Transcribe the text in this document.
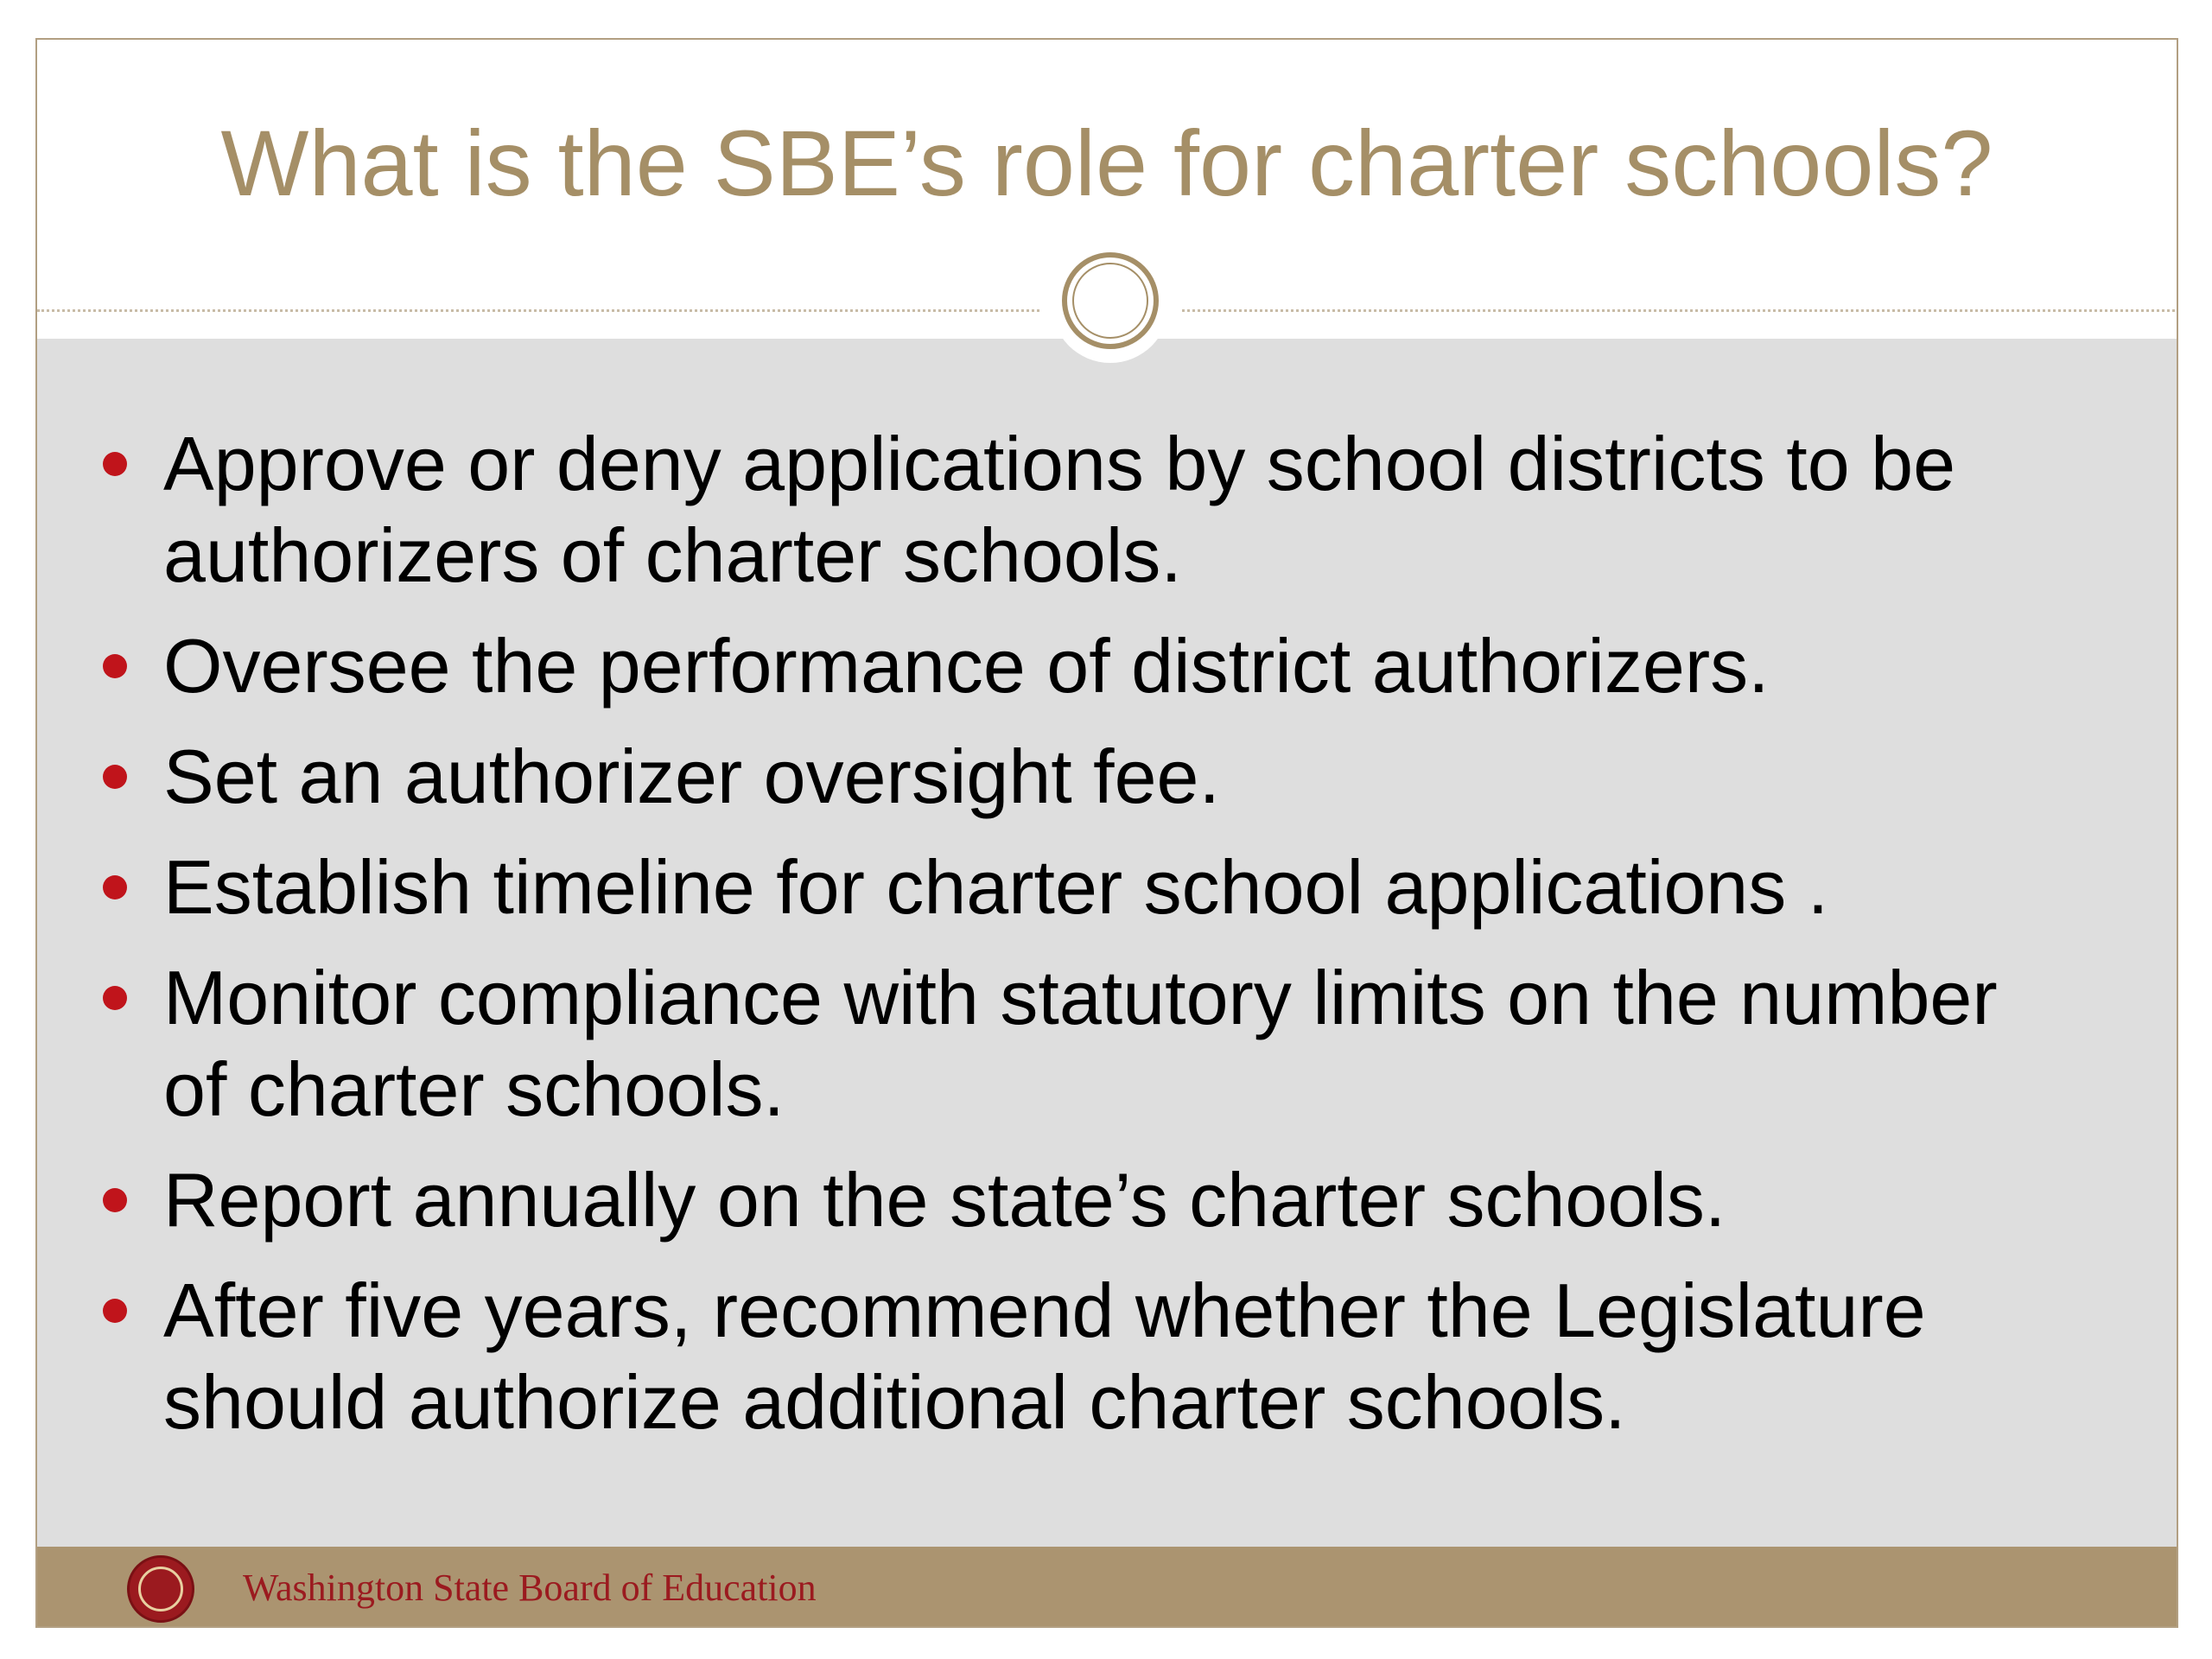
What is the SBE’s role for charter schools?
Approve or deny applications by school districts to be authorizers of charter schools.
Oversee the performance of district authorizers.
Set an authorizer oversight fee.
Establish timeline for charter school applications .
Monitor compliance with statutory limits on the number of charter schools.
Report annually on the state’s charter schools.
After five years, recommend whether the Legislature should authorize additional charter schools.
Washington State Board of Education
